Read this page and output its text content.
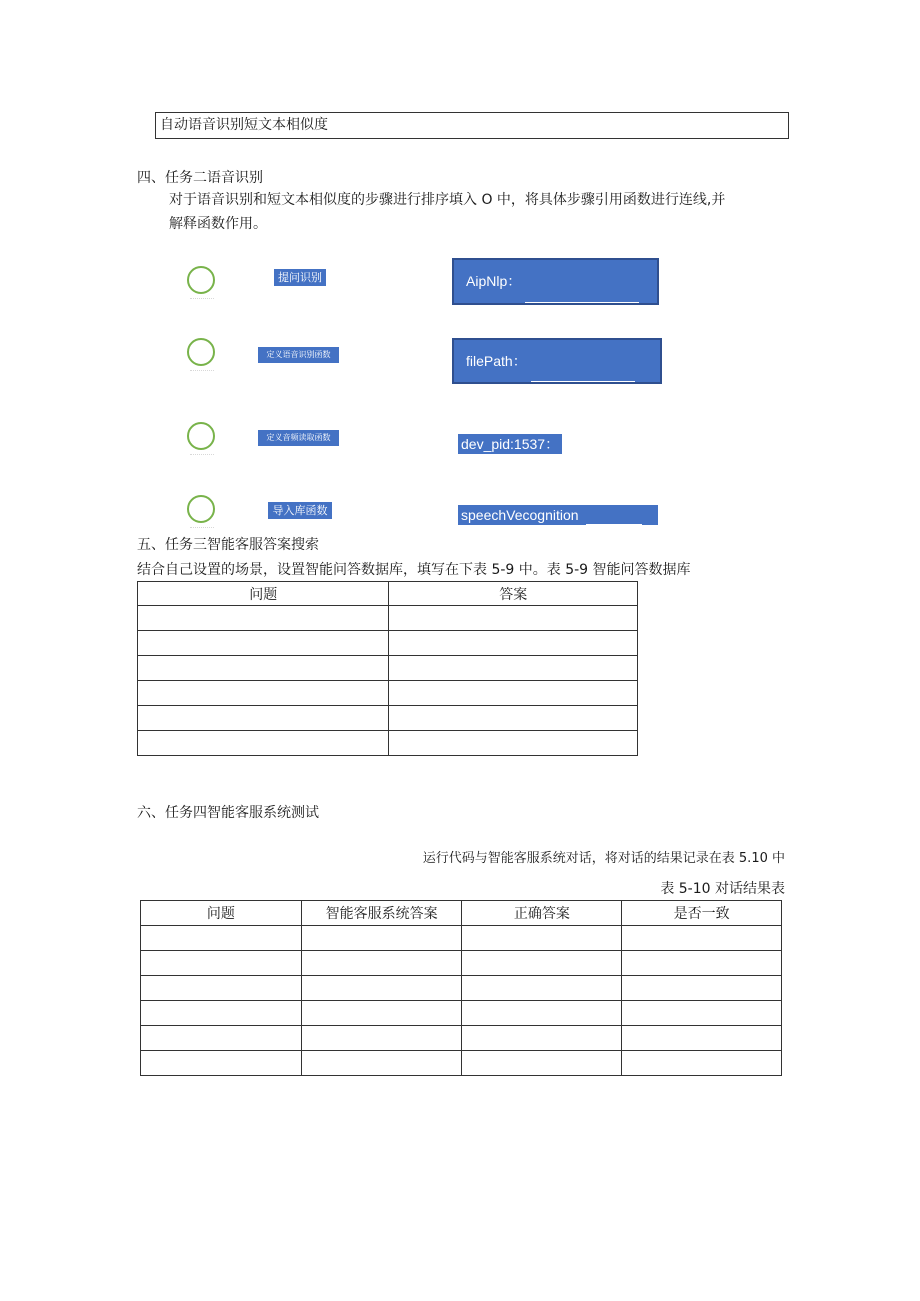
自动语音识别短文本相似度
四、任务二语音识别
对于语音识别和短文本相似度的步骤进行排序填入 O 中，将具体步骤引用函数进行连线,并
解释函数作用。
提问识别
定义语音识别函数
定义音频读取函数
导入库函数
AipNlp：
filePath：
dev_pid:1537：
speechVecognition
五、任务三智能客服答案搜索
结合自己设置的场景，设置智能问答数据库，填写在下表 5-9 中。表 5-9 智能问答数据库
问题	答案

六、任务四智能客服系统测试
运行代码与智能客服系统对话，将对话的结果记录在表 5.10 中
表 5-10 对话结果表
问题	智能客服系统答案	正确答案	是否一致
